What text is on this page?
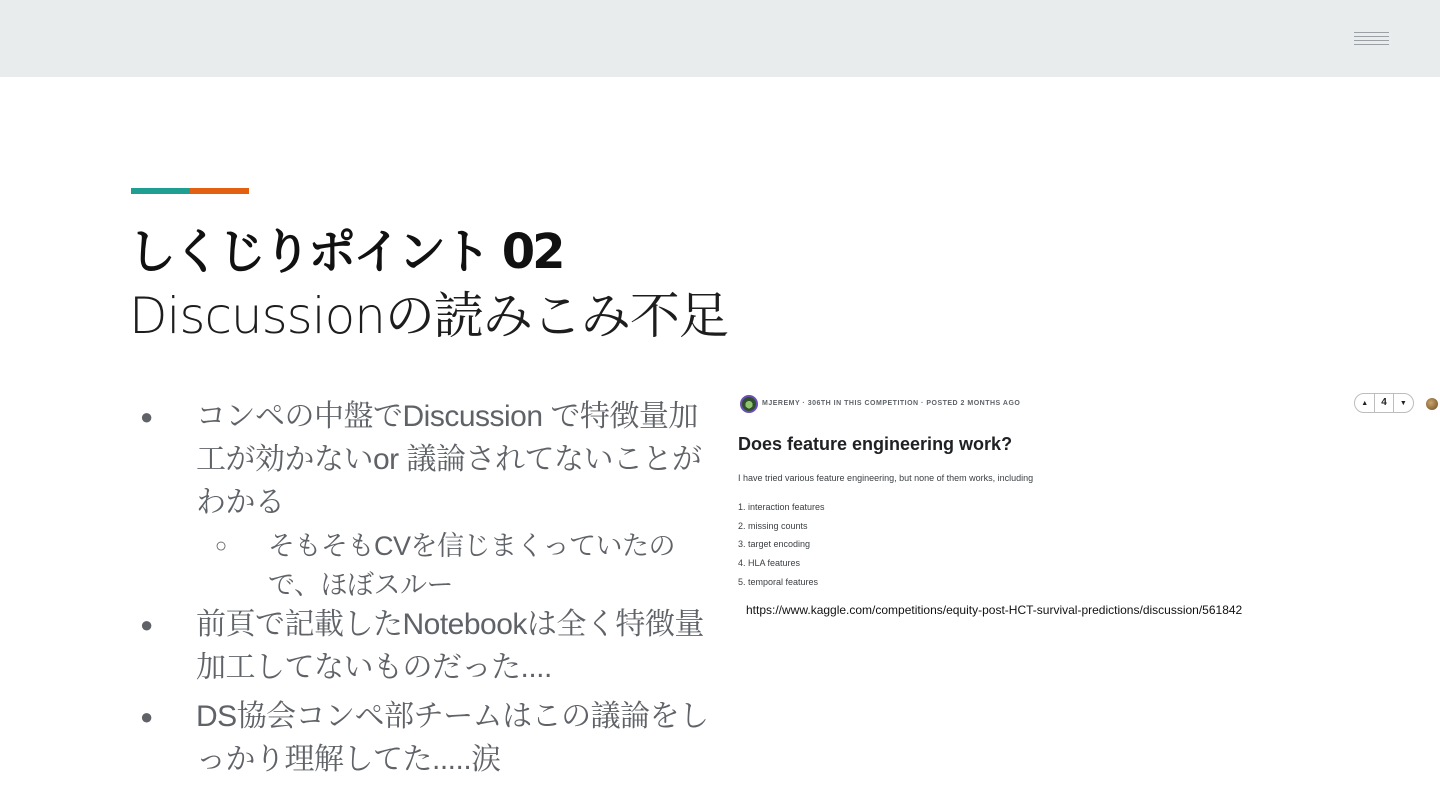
しくじりポイント 02
Discussionの読みこみ不足
● コンペの中盤でDiscussion で特徴量加工が効かないor 議論されてないことがわかる
○ そもそもCVを信じまくっていたので、ほぼスルー
● 前頁で記載したNotebookは全く特徴量加工してないものだった....
● DS協会コンペ部チームはこの議論をしっかり理解してた.....涙
MJEREMY · 306TH IN THIS COMPETITION · POSTED 2 MONTHS AGO	▲	4	▼
Does feature engineering work?
I have tried various feature engineering, but none of them works, including
1. interaction features
2. missing counts
3. target encoding
4. HLA features
5. temporal features
https://www.kaggle.com/competitions/equity-post-HCT-survival-predictions/discussion/561842
